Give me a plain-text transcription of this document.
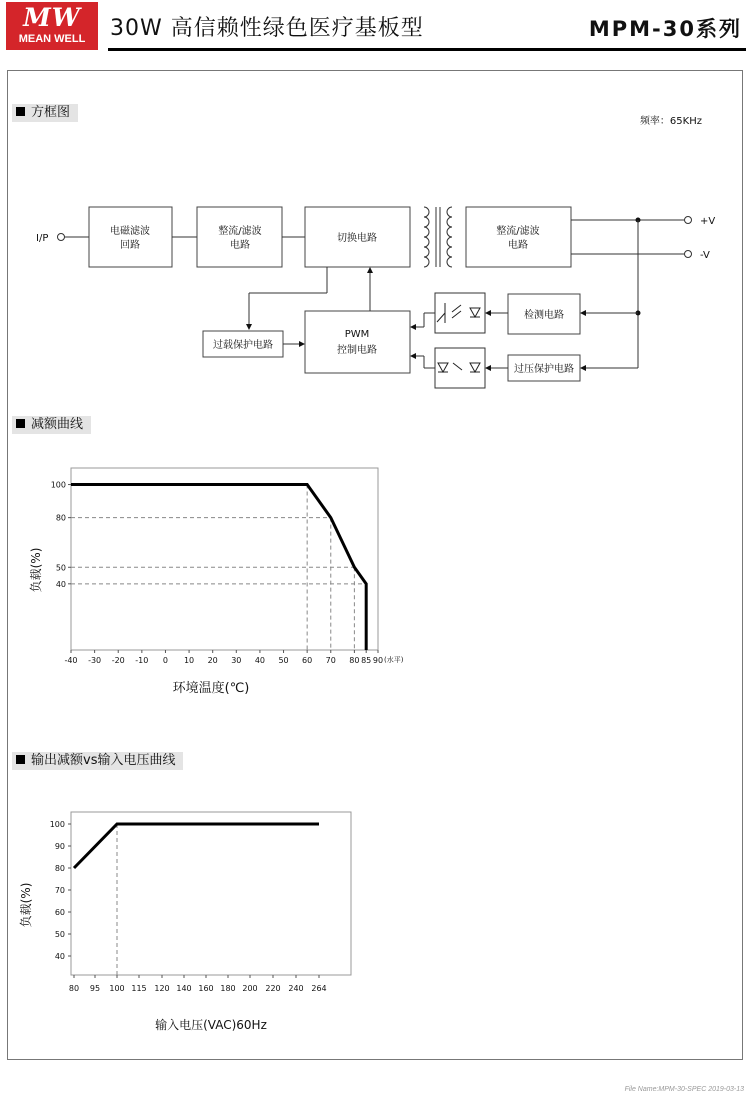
MW
MEAN WELL	30W 高信赖性绿色医疗基板型	MPM-30系列
方框图
减额曲线
输出减额vs输入电压曲线
频率：65KHz
I/P
电磁滤波
回路
整流/滤波
电路
切换电路
整流/滤波
电路
+V
-V
检测电路
过压保护电路
PWM
控制电路
过载保护电路
负载(%)
环境温度(℃)
(水平)
-40 -30 -20 -10 0 10 20 30 40 50 60 70 80 85 90
100
80
50
40
负载(%)
输入电压(VAC)60Hz
80 95 100 115 120 140 160 180 200 220 240 264
100
90
80
70
60
50
40
File Name:MPM-30-SPEC 2019-03-13
